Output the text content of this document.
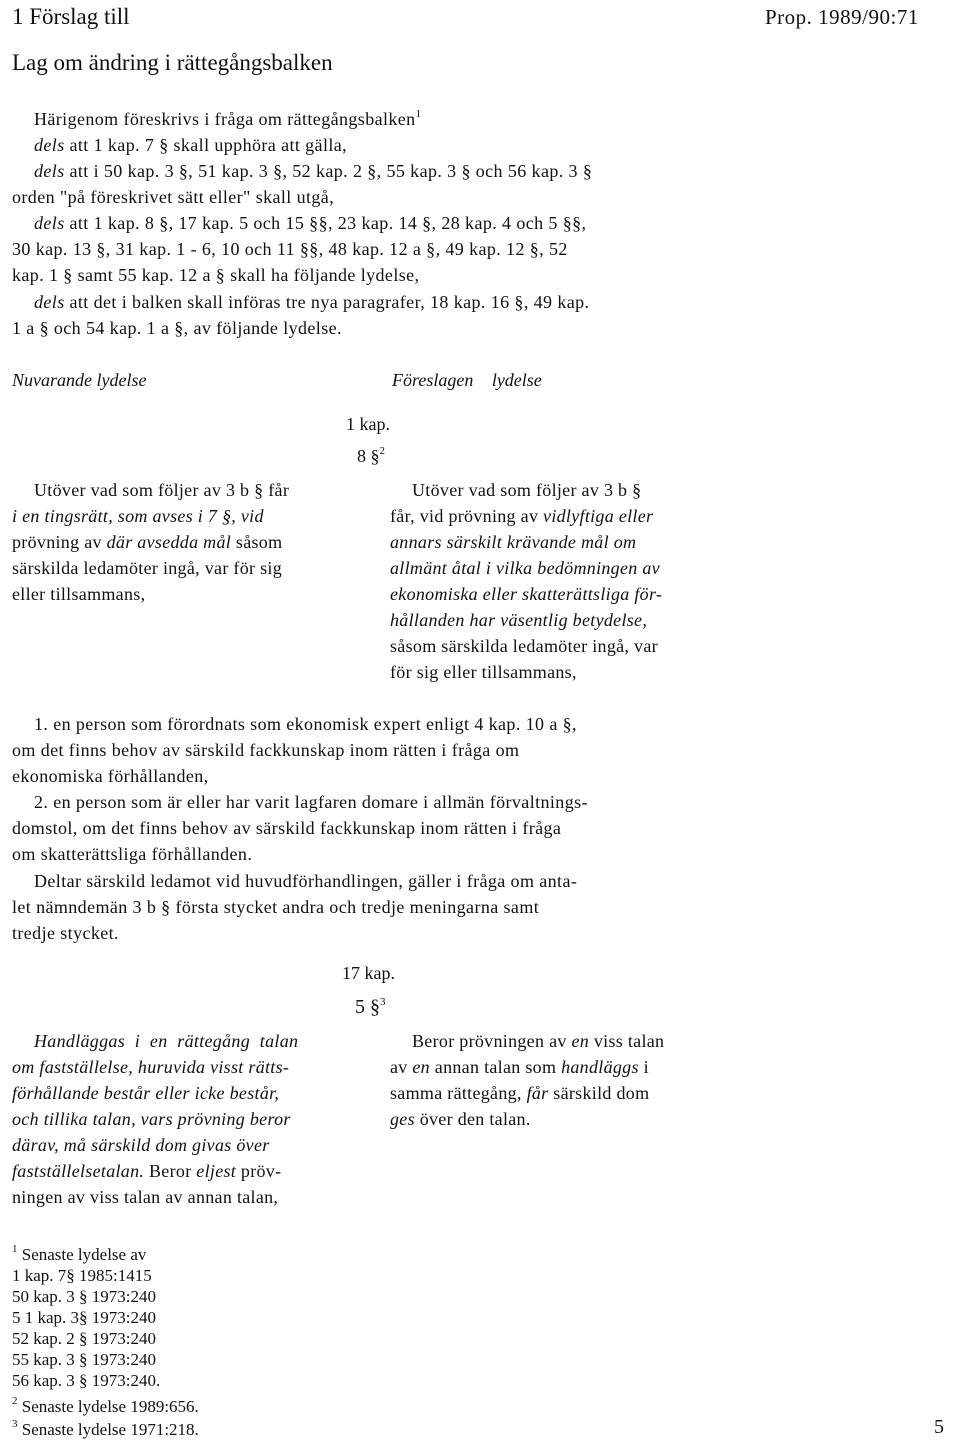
1 Förslag till	Prop. 1989/90:71
Lag om ändring i rättegångsbalken
Härigenom föreskrivs i fråga om rättegångsbalken$^1$
dels att 1 kap. 7 § skall upphöra att gälla,
dels att i 50 kap. 3 §, 51 kap. 3 §, 52 kap. 2 §, 55 kap. 3 § och 56 kap. 3 §
orden "på föreskrivet sätt eller" skall utgå,
dels att 1 kap. 8 §, 17 kap. 5 och 15 §§, 23 kap. 14 §, 28 kap. 4 och 5 §§,
30 kap. 13 §, 31 kap. 1 - 6, 10 och 11 §§, 48 kap. 12 a §, 49 kap. 12 §, 52
kap. 1 § samt 55 kap. 12 a § skall ha följande lydelse,
dels att det i balken skall införas tre nya paragrafer, 18 kap. 16 §, 49 kap.
1 a § och 54 kap. 1 a §, av följande lydelse.
Nuvarande lydelse	Föreslagen lydelse
1 kap.
8 §$^2$
Utöver vad som följer av 3 b § får
i en tingsrätt, som avses i 7 §, vid
prövning av där avsedda mål såsom
särskilda ledamöter ingå, var för sig
eller tillsammans,
Utöver vad som följer av 3 b §
får, vid prövning av vidlyftiga eller
annars särskilt krävande mål om
allmänt åtal i vilka bedömningen av
ekonomiska eller skatterättsliga för-
hållanden har väsentlig betydelse,
såsom särskilda ledamöter ingå, var
för sig eller tillsammans,
1. en person som förordnats som ekonomisk expert enligt 4 kap. 10 a §,
om det finns behov av särskild fackkunskap inom rätten i fråga om
ekonomiska förhållanden,
2. en person som är eller har varit lagfaren domare i allmän förvaltnings-
domstol, om det finns behov av särskild fackkunskap inom rätten i fråga
om skatterättsliga förhållanden.
Deltar särskild ledamot vid huvudförhandlingen, gäller i fråga om anta-
let nämndemän 3 b § första stycket andra och tredje meningarna samt
tredje stycket.
17 kap.
5 §$^3$
Handläggas i en rättegång talan
om fastställelse, huruvida visst rätts-
förhållande består eller icke består,
och tillika talan, vars prövning beror
därav, må särskild dom givas över
fastställelsetalan. Beror eljest pröv-
ningen av viss talan av annan talan,
Beror prövningen av en viss talan
av en annan talan som handläggs i
samma rättegång, får särskild dom
ges över den talan.
$^1$ Senaste lydelse av
1 kap. 7§ 1985:1415
50 kap. 3 § 1973:240
5 1 kap. 3§ 1973:240
52 kap. 2 § 1973:240
55 kap. 3 § 1973:240
56 kap. 3 § 1973:240.
$^2$ Senaste lydelse 1989:656.
$^3$ Senaste lydelse 1971:218.	5
